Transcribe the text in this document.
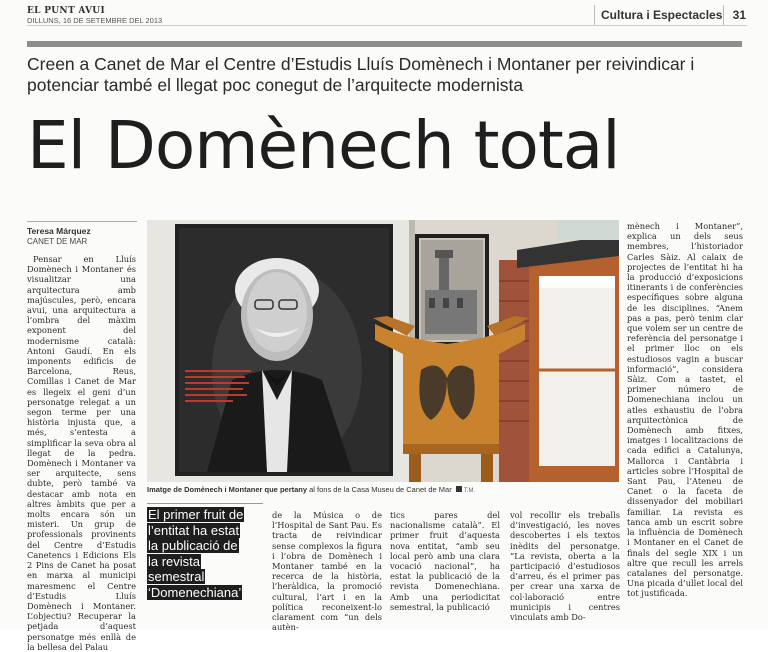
EL PUNT AVUI
DILLUNS, 16 DE SETEMBRE DEL 2013	Cultura i Espectacles 31
Creen a Canet de Mar el Centre d’Estudis Lluís Domènech i Montaner per reivindicar i potenciar també el llegat poc conegut de l’arquitecte modernista
El Domènech total
Teresa Márquez
CANET DE MAR

Pensar en Lluís Domènech i Montaner és visualitzar una arquitectura amb majúscules, però, encara avui, una arquitectura a l’ombra del màxim exponent del modernisme català: Antoni Gaudí. En els imponents edificis de Barcelona, Reus, Comillas i Canet de Mar es llegeix el geni d’un personatge relegat a un segon terme per una història injusta que, a més, s’entesta a simplificar la seva obra al llegat de la pedra. Domènech i Montaner va ser arquitecte, sens dubte, però també va destacar amb nota en altres àmbits que per a molts encara són un misteri. Un grup de professionals provinents del Centre d’Estudis Canetencs i Edicions Els 2 Pins de Canet ha posat en marxa al municipi maresmenc el Centre d’Estudis Lluís Domènech i Montaner. L’objectiu? Recuperar la petjada d’aquest personatge més enllà de la bellesa del Palau

Imatge de Domènech i Montaner que pertany al fons de la Casa Museu de Canet de Mar T.M.
El primer fruit de
l’entitat ha estat
la publicació de
la revista
semestral
‘Domenechiana’

de la Música o de l’Hospital de Sant Pau. Es tracta de reivindicar sense complexos la figura i l’obra de Domènech i Montaner també en la recerca de la història, l’heràldica, la promoció cultural, l’art i en la política reconeixent-lo clarament com “un dels autèn-

tics pares del nacionalisme català”. El primer fruit d’aquesta nova entitat, “amb seu local però amb una clara vocació nacional”, ha estat la publicació de la revista Domenechiana. Amb una periodicitat semestral, la publicació

vol recollir els treballs d’investigació, les noves descobertes i els textos inèdits del personatge. “La revista, oberta a la participació d’estudiosos d’arreu, és el primer pas per crear una xarxa de col·laboració entre municipis i centres vinculats amb Do-

mènech i Montaner”, explica un dels seus membres, l’historiador Carles Sàiz. Al calaix de projectes de l’entitat hi ha la producció d’exposicions itinerants i de conferències específiques sobre alguna de les disciplines. “Anem pas a pas, però tenim clar que volem ser un centre de referència del personatge i el primer lloc on els estudiosos vagin a buscar informació”, considera Sàiz. Com a tastet, el primer número de Domenechiana inclou un atles exhaustiu de l’obra arquitectònica de Domènech amb fitxes, imatges i localitzacions de cada edifici a Catalunya, Mallorca i Cantàbria i articles sobre l’Hospital de Sant Pau, l’Ateneu de Canet o la faceta de dissenyador del mobiliari familiar. La revista es tanca amb un escrit sobre la influència de Domènech i Montaner en el Canet de finals del segle XIX i un altre que recull les arrels catalanes del personatge. Una picada d’ullet local del tot justificada.
